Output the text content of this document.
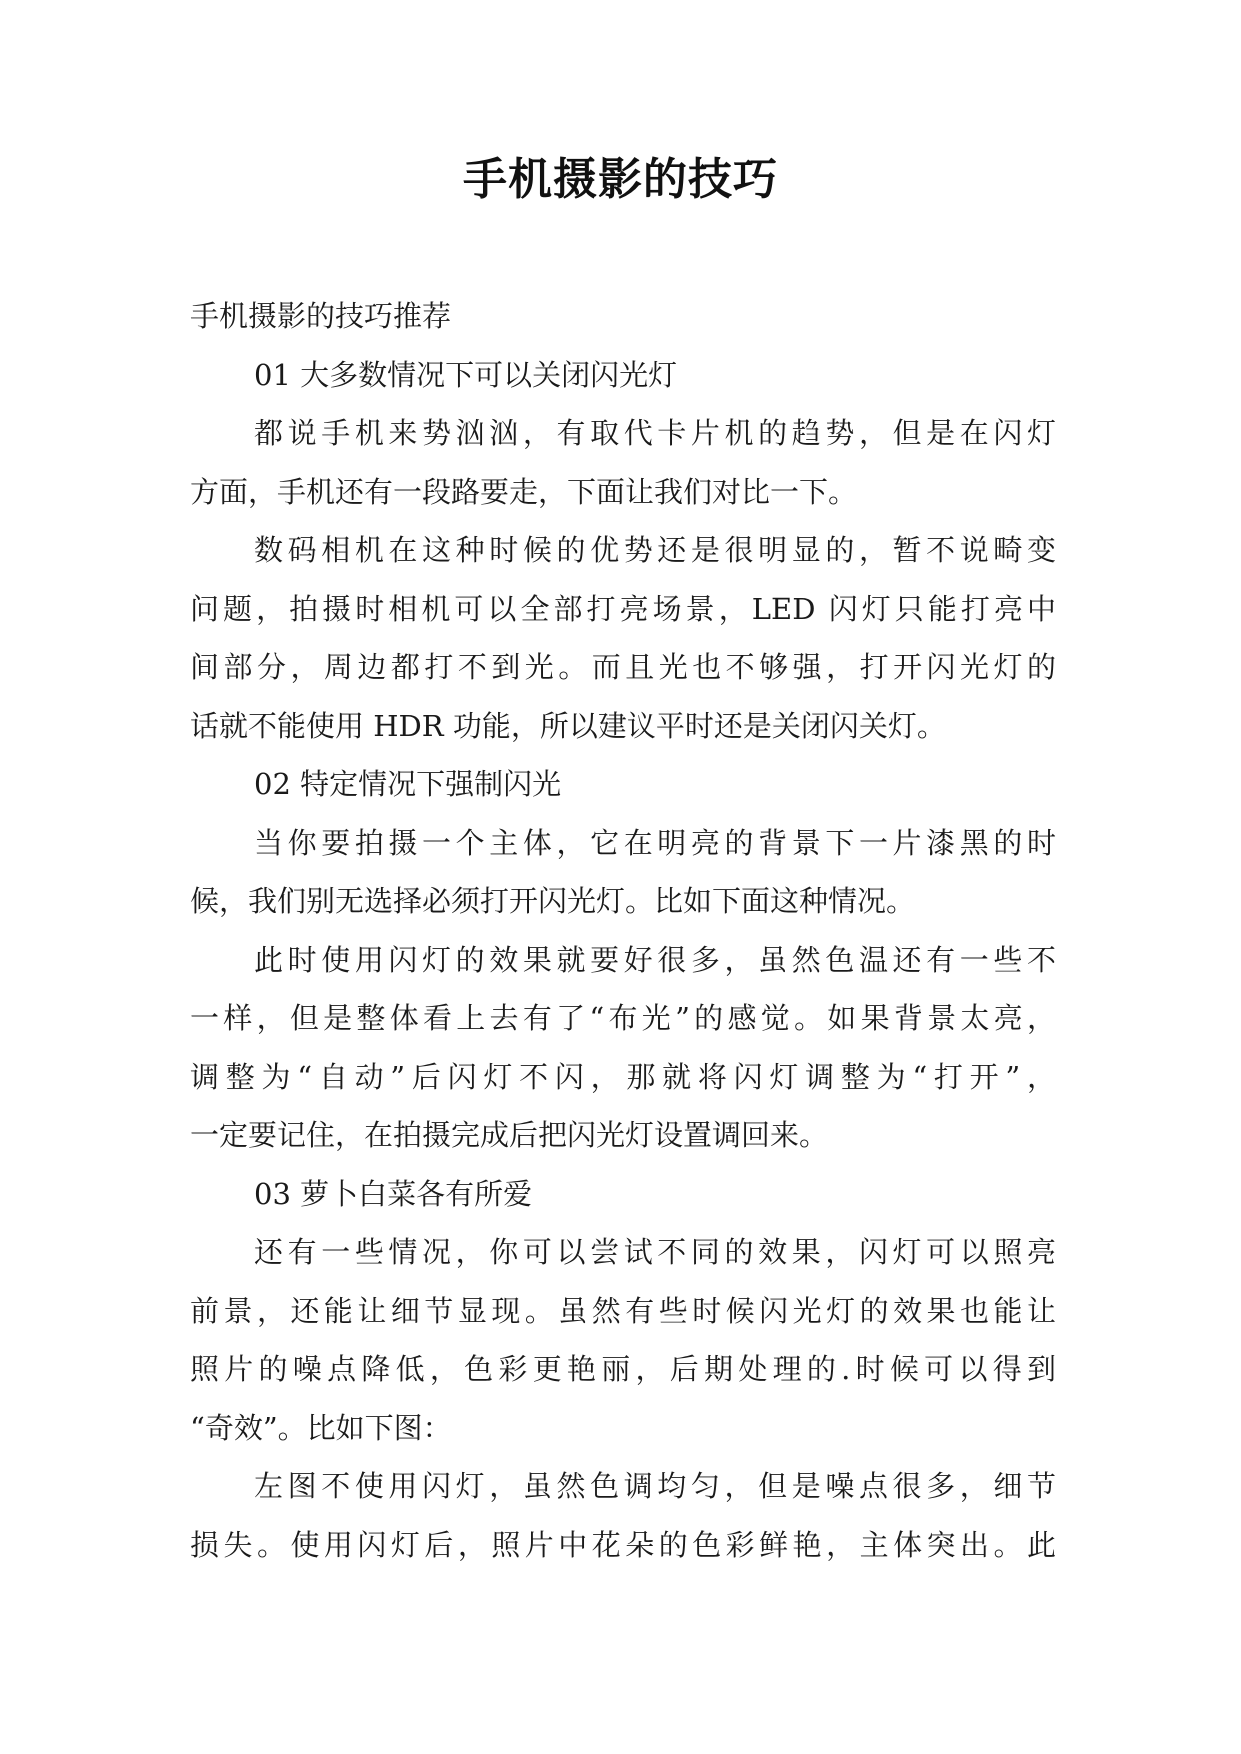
手机摄影的技巧

手机摄影的技巧推荐

01 大多数情况下可以关闭闪光灯

都说手机来势汹汹，有取代卡片机的趋势，但是在闪灯

方面，手机还有一段路要走，下面让我们对比一下。

数码相机在这种时候的优势还是很明显的，暂不说畸变

问题，拍摄时相机可以全部打亮场景，LED 闪灯只能打亮中

间部分，周边都打不到光。而且光也不够强，打开闪光灯的

话就不能使用 HDR 功能，所以建议平时还是关闭闪关灯。

02 特定情况下强制闪光

当你要拍摄一个主体，它在明亮的背景下一片漆黑的时

候，我们别无选择必须打开闪光灯。比如下面这种情况。

此时使用闪灯的效果就要好很多，虽然色温还有一些不

一样，但是整体看上去有了“布光”的感觉。如果背景太亮，

调整为“自动”后闪灯不闪，那就将闪灯调整为“打开”，

一定要记住，在拍摄完成后把闪光灯设置调回来。

03 萝卜白菜各有所爱

还有一些情况，你可以尝试不同的效果，闪灯可以照亮

前景，还能让细节显现。虽然有些时候闪光灯的效果也能让

照片的噪点降低，色彩更艳丽，后期处理的.时候可以得到

“奇效”。比如下图：

左图不使用闪灯，虽然色调均匀，但是噪点很多，细节

损失。使用闪灯后，照片中花朵的色彩鲜艳，主体突出。此
